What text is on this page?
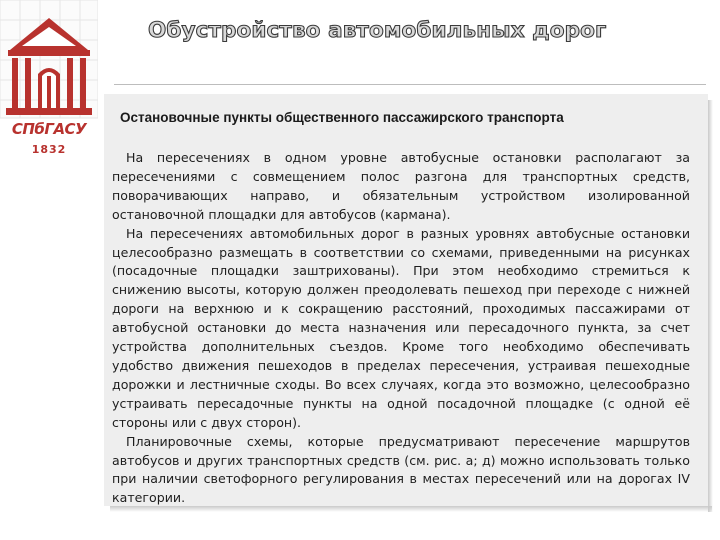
СПбГАСУ
1832
Обустройство автомобильных дорог
Остановочные пункты общественного пассажирского транспорта

На пересечениях в одном уровне автобусные остановки располагают за пересечениями с совмещением полос разгона для транспортных средств, поворачивающих направо, и обязательным устройством изолированной остановочной площадки для автобусов (кармана).

На пересечениях автомобильных дорог в разных уровнях автобусные остановки целесообразно размещать в соответствии со схемами, приведенными на рисунках (посадочные площадки заштрихованы). При этом необходимо стремиться к снижению высоты, которую должен преодолевать пешеход при переходе с нижней дороги на верхнюю и к сокращению расстояний, проходимых пассажирами от автобусной остановки до места назначения или пересадочного пункта, за счет устройства дополнительных съездов. Кроме того необходимо обеспечивать удобство движения пешеходов в пределах пересечения, устраивая пешеходные дорожки и лестничные сходы. Во всех случаях, когда это возможно, целесообразно устраивать пересадочные пункты на одной посадочной площадке (с одной её стороны или с двух сторон).

Планировочные схемы, которые предусматривают пересечение маршрутов автобусов и других транспортных средств (см. рис. а; д) можно использовать только при наличии светофорного регулирования в местах пересечений или на дорогах IV категории.
